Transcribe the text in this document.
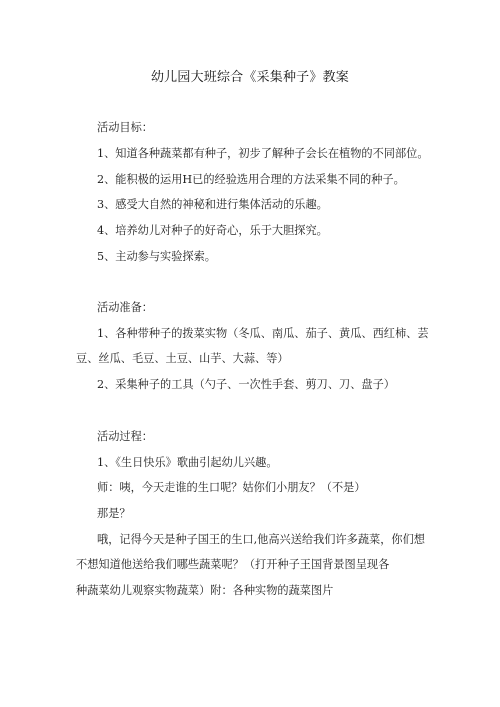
幼儿园大班综合《采集种子》教案
活动目标：
1、知道各种蔬菜都有种子，初步了解种子会长在植物的不同部位。
2、能积极的运用H已的经验选用合理的方法采集不同的种子。
3、感受大自然的神秘和进行集体活动的乐趣。
4、培养幼儿对种子的好奇心，乐于大胆探究。
5、主动参与实验探索。
活动准备：
1、各种带种子的拨菜实物（冬瓜、南瓜、茄子、黄瓜、西红柿、芸
豆、丝瓜、毛豆、土豆、山芋、大蒜、等）
2、采集种子的工具（勺子、一次性手套、剪刀、刀、盘子）
活动过程：
1、《生日快乐》歌曲引起幼儿兴趣。
师：咦，今天走谁的生口呢？姑你们小朋友？（不是）
那是？
哦，记得今天是种子国王的生口,他高兴送给我们许多蔬菜，你们想
不想知道他送给我们哪些蔬菜呢？（打开种子王国背景图呈现各
种蔬菜幼儿观察实物蔬菜）附：各种实物的蔬菜图片
